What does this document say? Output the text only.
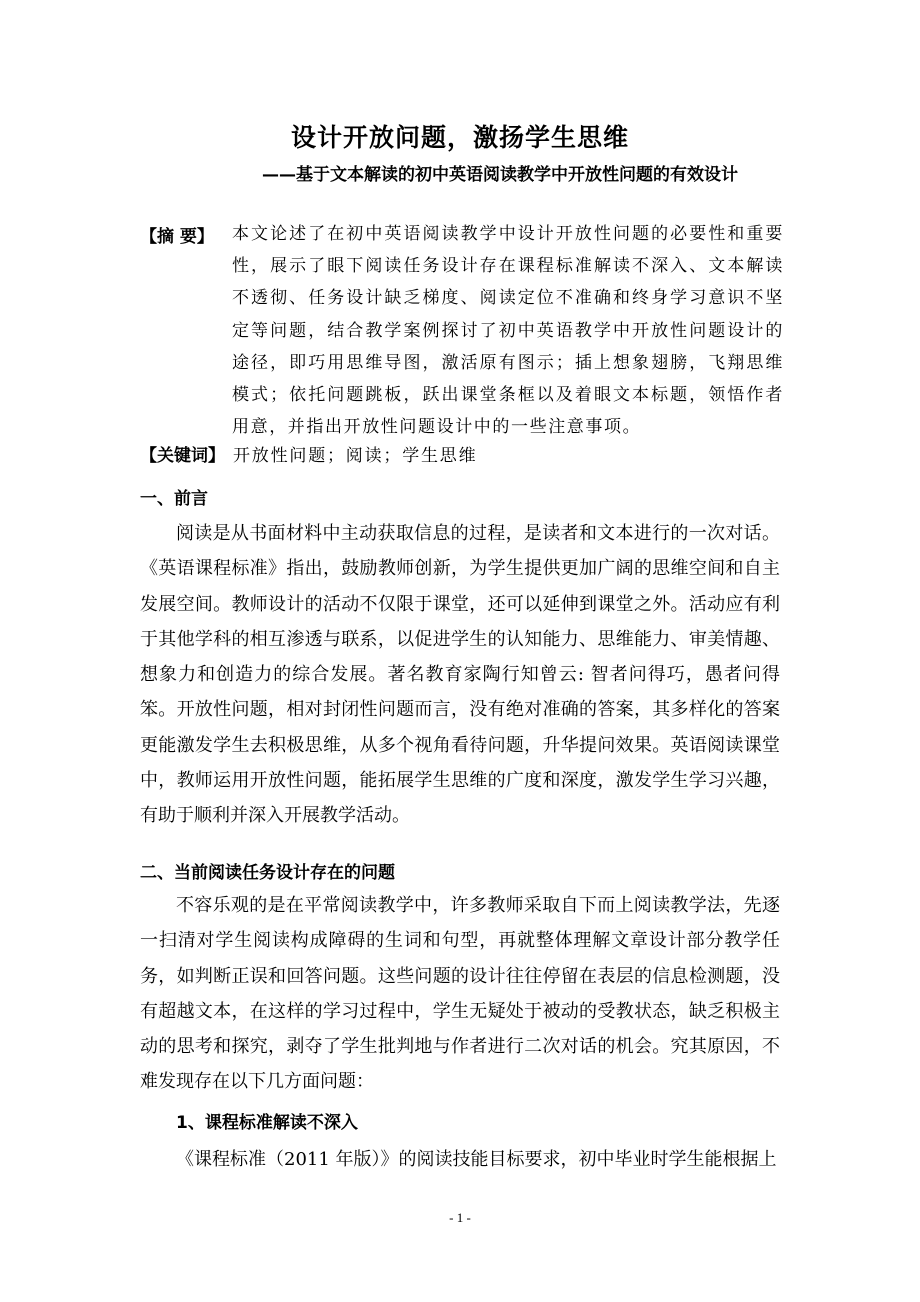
设计开放问题，激扬学生思维
——基于文本解读的初中英语阅读教学中开放性问题的有效设计
【摘 要】 本文论述了在初中英语阅读教学中设计开放性问题的必要性和重要性，展示了眼下阅读任务设计存在课程标准解读不深入、文本解读不透彻、任务设计缺乏梯度、阅读定位不准确和终身学习意识不坚定等问题，结合教学案例探讨了初中英语教学中开放性问题设计的途径，即巧用思维导图，激活原有图示；插上想象翅膀，飞翔思维模式；依托问题跳板，跃出课堂条框以及着眼文本标题，领悟作者用意，并指出开放性问题设计中的一些注意事项。
【关键词】 开放性问题；阅读；学生思维
一、前言
阅读是从书面材料中主动获取信息的过程，是读者和文本进行的一次对话。《英语课程标准》指出，鼓励教师创新，为学生提供更加广阔的思维空间和自主发展空间。教师设计的活动不仅限于课堂，还可以延伸到课堂之外。活动应有利于其他学科的相互渗透与联系，以促进学生的认知能力、思维能力、审美情趣、想象力和创造力的综合发展。著名教育家陶行知曾云: 智者问得巧，愚者问得笨。开放性问题，相对封闭性问题而言，没有绝对准确的答案，其多样化的答案更能激发学生去积极思维，从多个视角看待问题，升华提问效果。英语阅读课堂中，教师运用开放性问题，能拓展学生思维的广度和深度，激发学生学习兴趣，有助于顺利并深入开展教学活动。
二、当前阅读任务设计存在的问题
不容乐观的是在平常阅读教学中，许多教师采取自下而上阅读教学法，先逐一扫清对学生阅读构成障碍的生词和句型，再就整体理解文章设计部分教学任务，如判断正误和回答问题。这些问题的设计往往停留在表层的信息检测题，没有超越文本，在这样的学习过程中，学生无疑处于被动的受教状态，缺乏积极主动的思考和探究，剥夺了学生批判地与作者进行二次对话的机会。究其原因，不难发现存在以下几方面问题：
1、课程标准解读不深入
《课程标准（2011 年版）》的阅读技能目标要求，初中毕业时学生能根据上
- 1 -
